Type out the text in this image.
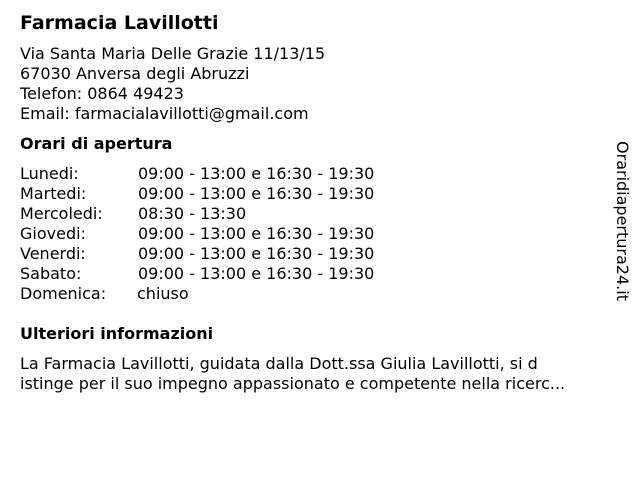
Farmacia Lavillotti
Via Santa Maria Delle Grazie 11/13/15
67030 Anversa degli Abruzzi
Telefon: 0864 49423
Email: farmacialavillotti@gmail.com
Orari di apertura
Lunedi:	09:00 - 13:00 e 16:30 - 19:30
Martedi:	09:00 - 13:00 e 16:30 - 19:30
Mercoledi:	08:30 - 13:30
Giovedi:	09:00 - 13:00 e 16:30 - 19:30
Venerdi:	09:00 - 13:00 e 16:30 - 19:30
Sabato:	09:00 - 13:00 e 16:30 - 19:30
Domenica:	chiuso
Ulteriori informazioni
La Farmacia Lavillotti, guidata dalla Dott.ssa Giulia Lavillotti, si d
istinge per il suo impegno appassionato e competente nella ricerc...
Oraridiapertura24.it
